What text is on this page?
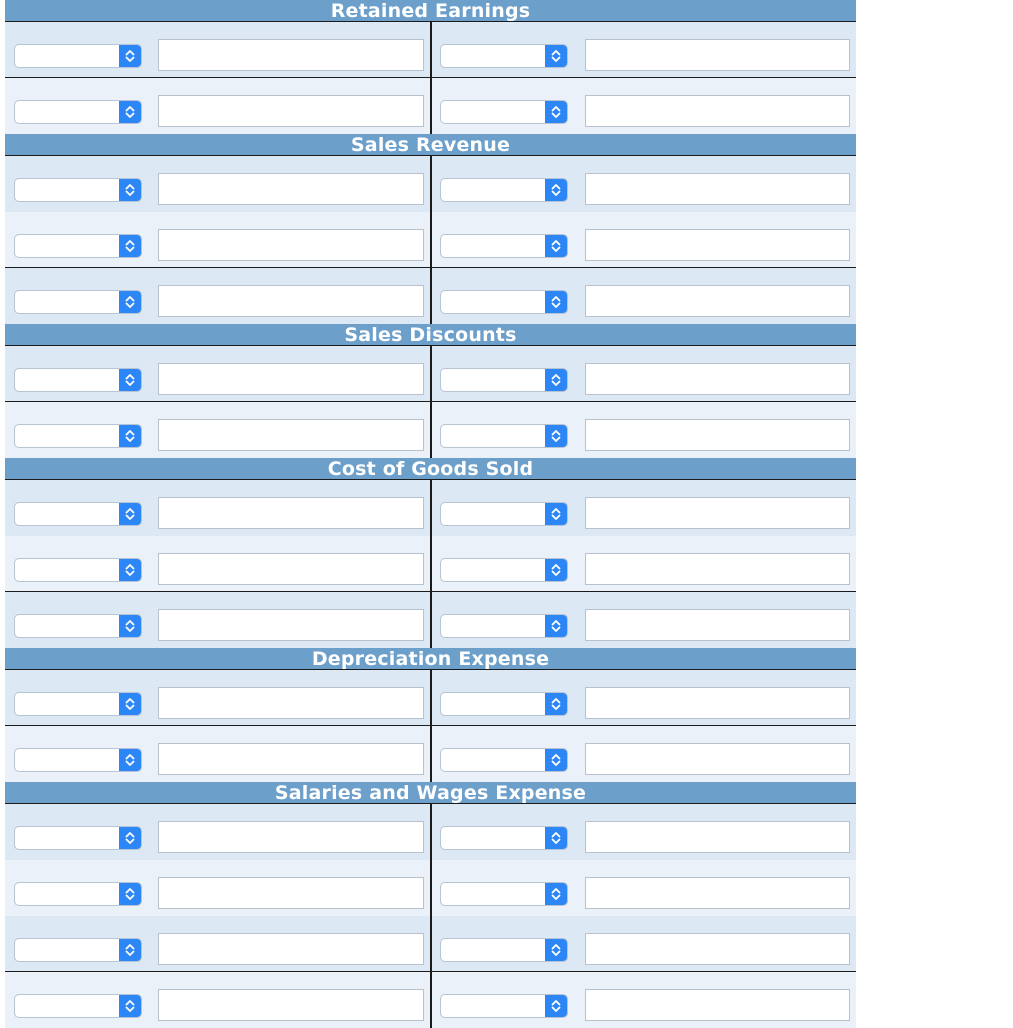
Retained Earnings
Sales Revenue
Sales Discounts
Cost of Goods Sold
Depreciation Expense
Salaries and Wages Expense
